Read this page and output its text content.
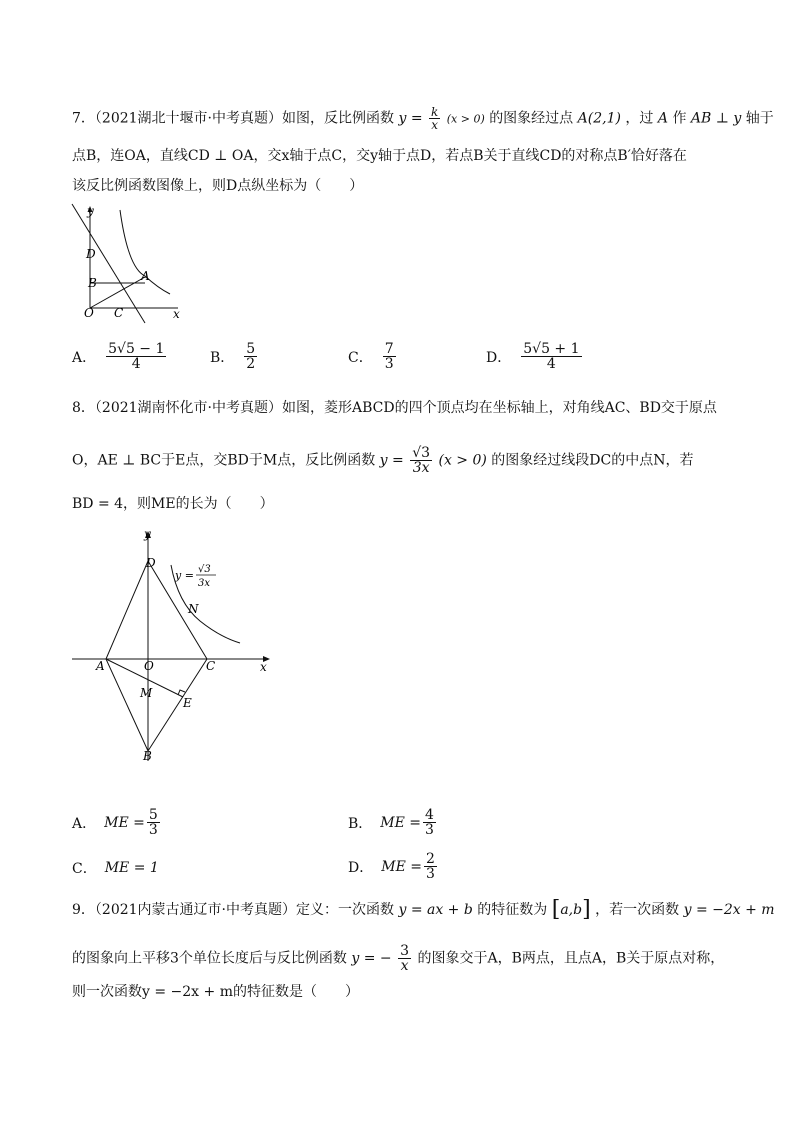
7．（2021湖北十堰市·中考真题）如图，反比例函数 $y = \frac{k}{x} (x > 0)$ 的图象经过点 A(2,1) ，过 A 作 AB ⊥ y 轴于
点B，连OA，直线CD ⊥ OA，交x轴于点C，交y轴于点D，若点B关于直线CD的对称点B′恰好落在
该反比例函数图像上，则D点纵坐标为（　　）
y
x
D
B	A
O C
A． $\frac{5√5 - 1}{4}$	B． $\frac{5}{2}$	C． $\frac{7}{3}$	D． $\frac{5√5 + 1}{4}$
8．（2021湖南怀化市·中考真题）如图，菱形ABCD的四个顶点均在坐标轴上，对角线AC、BD交于原点
O，AE ⊥ BC于E点，交BD于M点，反比例函数 $y = \frac{√3}{3x} (x > 0)$ 的图象经过线段DC的中点N，若
BD = 4，则ME的长为（　　）
y
x
D
N
A	O	C
M
E
B
y = √3
3x
A． ME = $\frac{5}{3}$	B． ME = $\frac{4}{3}$
C． ME = 1	D． ME = $\frac{2}{3}$
9．（2021内蒙古通辽市·中考真题）定义：一次函数 y = ax + b 的特征数为 [a,b] ，若一次函数 y = −2x + m
的图象向上平移3个单位长度后与反比例函数 y = − $\frac{3}{x}$ 的图象交于A，B两点，且点A，B关于原点对称，
则一次函数y = −2x + m的特征数是（　　）
